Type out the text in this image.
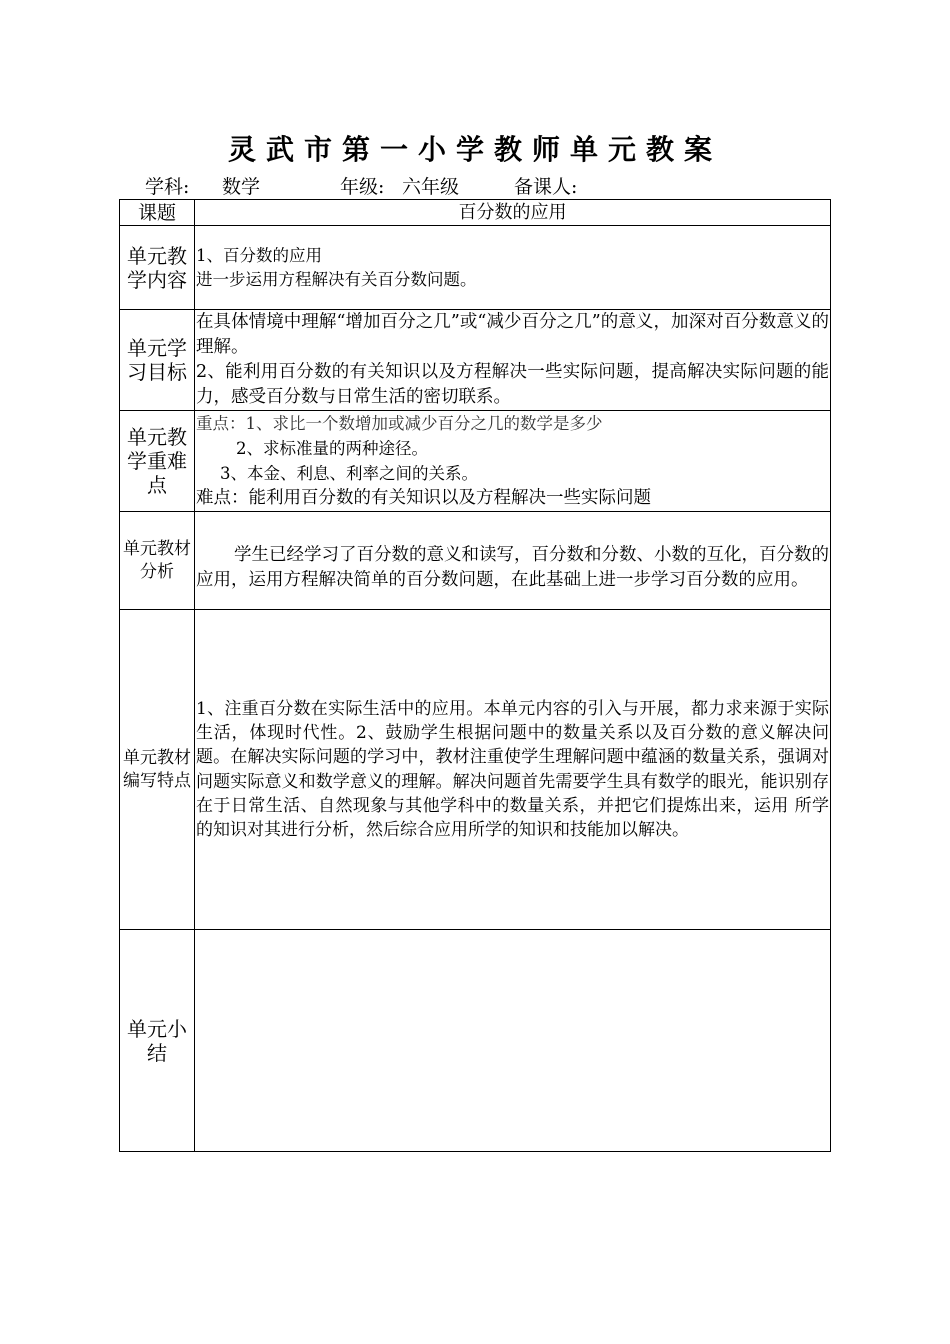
灵武市第一小学教师单元教案
学科: 数学	年级: 六年级	备课人:
课题	百分数的应用
单元教学内容	1、百分数的应用

进一步运用方程解决有关百分数问题。

单元学习目标	在具体情境中理解“增加百分之几”或“减少百分之几”的意义，加深对百分数意义的理解。

2、能利用百分数的有关知识以及方程解决一些实际问题，提高解决实际问题的能力，感受百分数与日常生活的密切联系。

单元教学重难点	重点：1、求比一个数增加或减少百分之几的数学是多少

2、求标准量的两种途径。

3、本金、利息、利率之间的关系。

难点：能利用百分数的有关知识以及方程解决一些实际问题

单元教材分析	学生已经学习了百分数的意义和读写，百分数和分数、小数的互化，百分数的应用，运用方程解决简单的百分数问题，在此基础上进一步学习百分数的应用。

单元教材编写特点	1、注重百分数在实际生活中的应用。本单元内容的引入与开展，都力求来源于实际生活，体现时代性。2、鼓励学生根据问题中的数量关系以及百分数的意义解决问题。在解决实际问题的学习中，教材注重使学生理解问题中蕴涵的数量关系，强调对问题实际意义和数学意义的理解。解决问题首先需要学生具有数学的眼光，能识别存在于日常生活、自然现象与其他学科中的数量关系，并把它们提炼出来，运用 所学的知识对其进行分析，然后综合应用所学的知识和技能加以解决。

单元小结	
